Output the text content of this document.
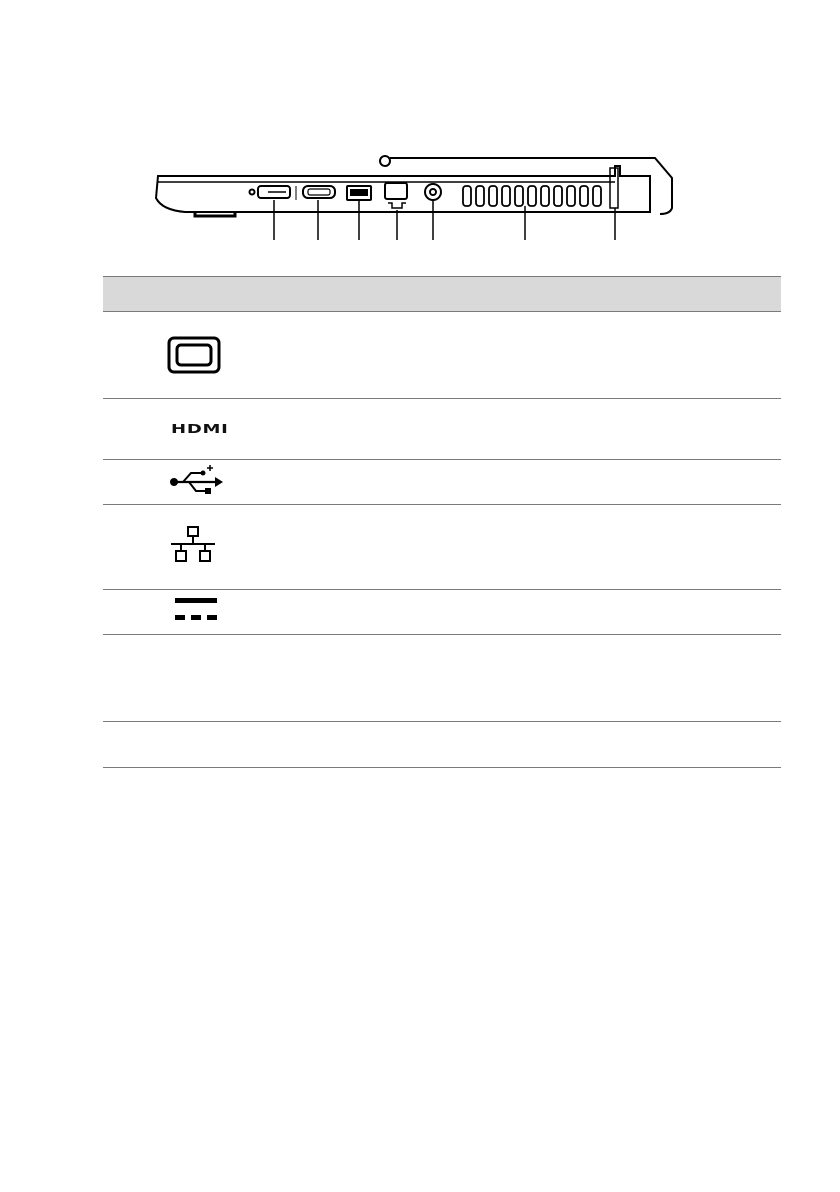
	HDMI	
